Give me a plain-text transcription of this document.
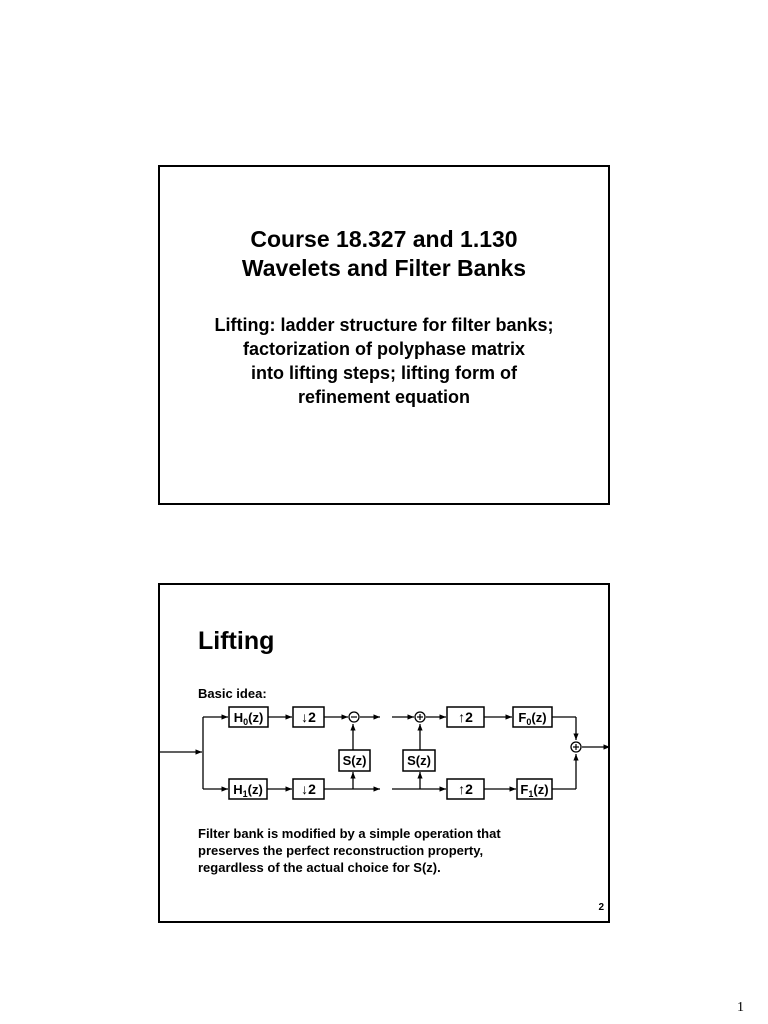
Course 18.327 and 1.130
Wavelets and Filter Banks
Lifting: ladder structure for filter banks;
factorization of polyphase matrix
into lifting steps; lifting form of
refinement equation
Lifting
Basic idea:
$H_0(z)$	↓2
$H_1(z)$	↓2
S(z)	S(z)
↑2
↑2
$F_0(z)$
$F_1(z)$
Filter bank is modified by a simple operation that
preserves the perfect reconstruction property,
regardless of the actual choice for S(z).
2
1
